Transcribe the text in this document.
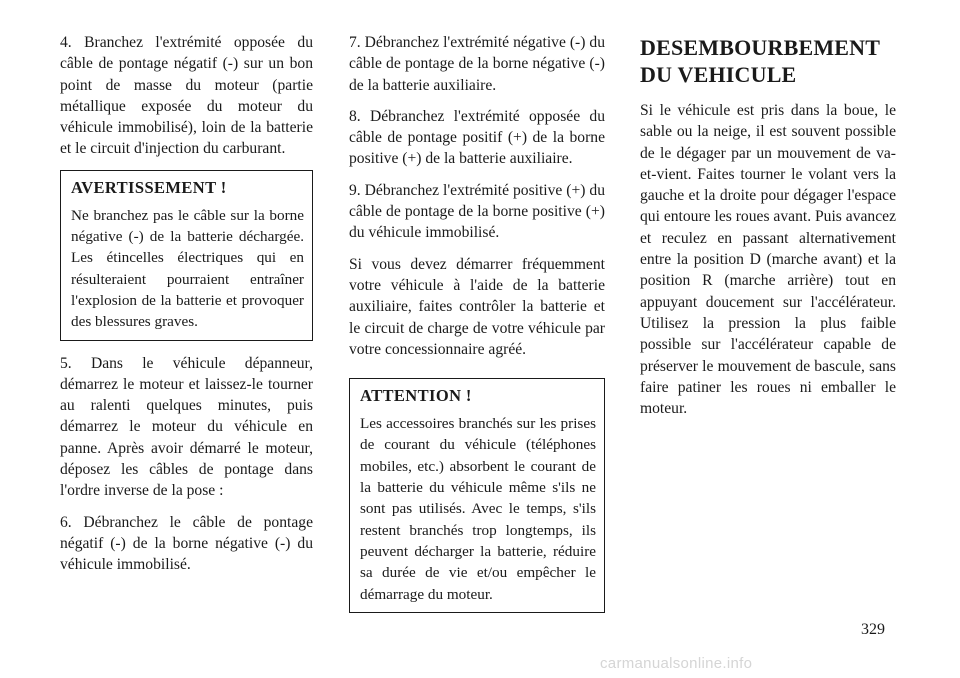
4. Branchez l'extrémité opposée du câble de pontage négatif (-) sur un bon point de masse du moteur (partie métallique exposée du moteur du véhicule immobilisé), loin de la batterie et le circuit d'injection du carburant.

AVERTISSEMENT !

Ne branchez pas le câble sur la borne négative (-) de la batterie déchargée. Les étincelles électriques qui en résulteraient pourraient entraîner l'explosion de la batterie et provoquer des blessures graves.

5. Dans le véhicule dépanneur, démarrez le moteur et laissez-le tourner au ralenti quelques minutes, puis démarrez le moteur du véhicule en panne. Après avoir démarré le moteur, déposez les câbles de pontage dans l'ordre inverse de la pose :

6. Débranchez le câble de pontage négatif (-) de la borne négative (-) du véhicule immobilisé.

7. Débranchez l'extrémité négative (-) du câble de pontage de la borne négative (-) de la batterie auxiliaire.

8. Débranchez l'extrémité opposée du câble de pontage positif (+) de la borne positive (+) de la batterie auxiliaire.

9. Débranchez l'extrémité positive (+) du câble de pontage de la borne positive (+) du véhicule immobilisé.

Si vous devez démarrer fréquemment votre véhicule à l'aide de la batterie auxiliaire, faites contrôler la batterie et le circuit de charge de votre véhicule par votre concessionnaire agréé.

ATTENTION !

Les accessoires branchés sur les prises de courant du véhicule (téléphones mobiles, etc.) absorbent le courant de la batterie du véhicule même s'ils ne sont pas utilisés. Avec le temps, s'ils restent branchés trop longtemps, ils peuvent décharger la batterie, réduire sa durée de vie et/ou empêcher le démarrage du moteur.

DESEMBOURBEMENT
DU VEHICULE

Si le véhicule est pris dans la boue, le sable ou la neige, il est souvent possible de le dégager par un mouvement de va-et-vient. Faites tourner le volant vers la gauche et la droite pour dégager l'espace qui entoure les roues avant. Puis avancez et reculez en passant alternativement entre la position D (marche avant) et la position R (marche arrière) tout en appuyant doucement sur l'accélérateur. Utilisez la pression la plus faible possible sur l'accélérateur capable de préserver le mouvement de bascule, sans faire patiner les roues ni emballer le moteur.

329
carmanualsonline.info
